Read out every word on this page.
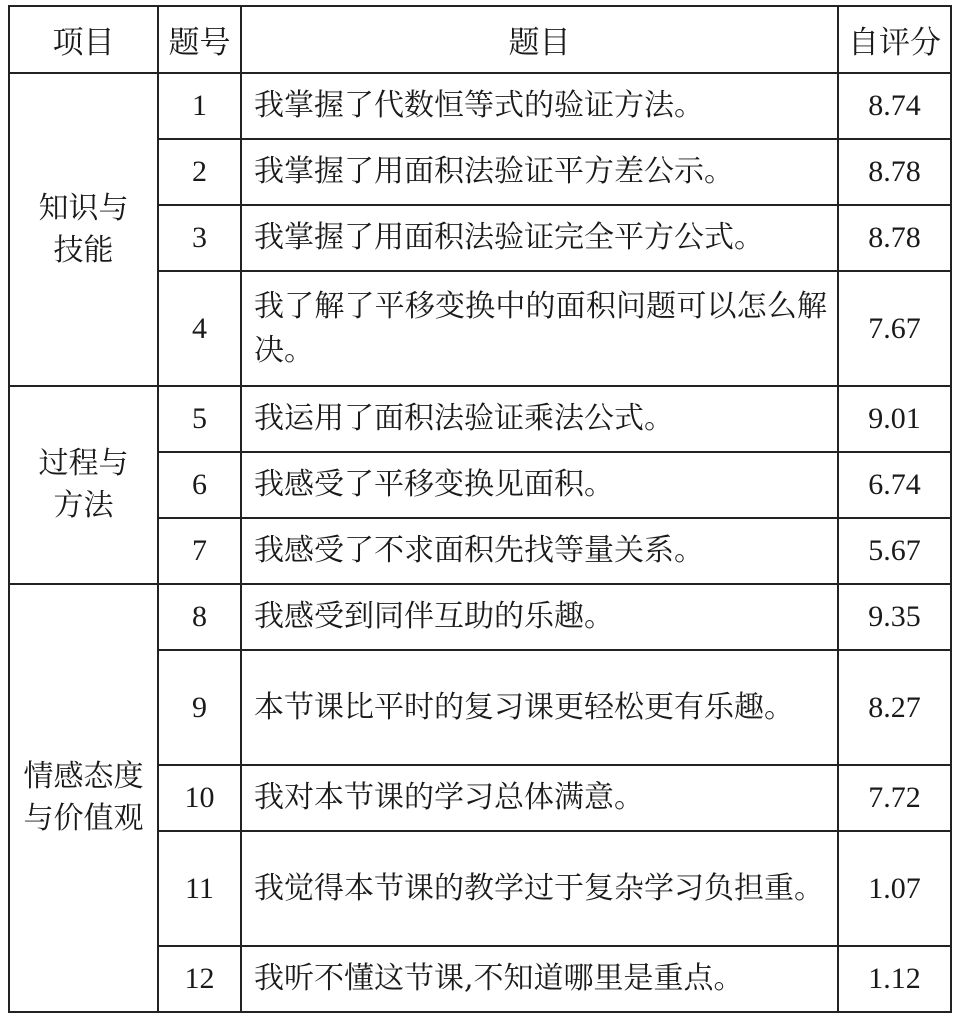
项目	题号	题目	自评分

知识与
技能	1	我掌握了代数恒等式的验证方法。	8.74
	2	我掌握了用面积法验证平方差公示。	8.78
	3	我掌握了用面积法验证完全平方公式。	8.78
	4	我了解了平移变换中的面积问题可以怎么解决。	7.67

过程与
方法	5	我运用了面积法验证乘法公式。	9.01
	6	我感受了平移变换见面积。	6.74
	7	我感受了不求面积先找等量关系。	5.67

情感态度
与价值观	8	我感受到同伴互助的乐趣。	9.35
	9	本节课比平时的复习课更轻松更有乐趣。	8.27
	10	我对本节课的学习总体满意。	7.72
	11	我觉得本节课的教学过于复杂学习负担重。	1.07
	12	我听不懂这节课,不知道哪里是重点。	1.12
